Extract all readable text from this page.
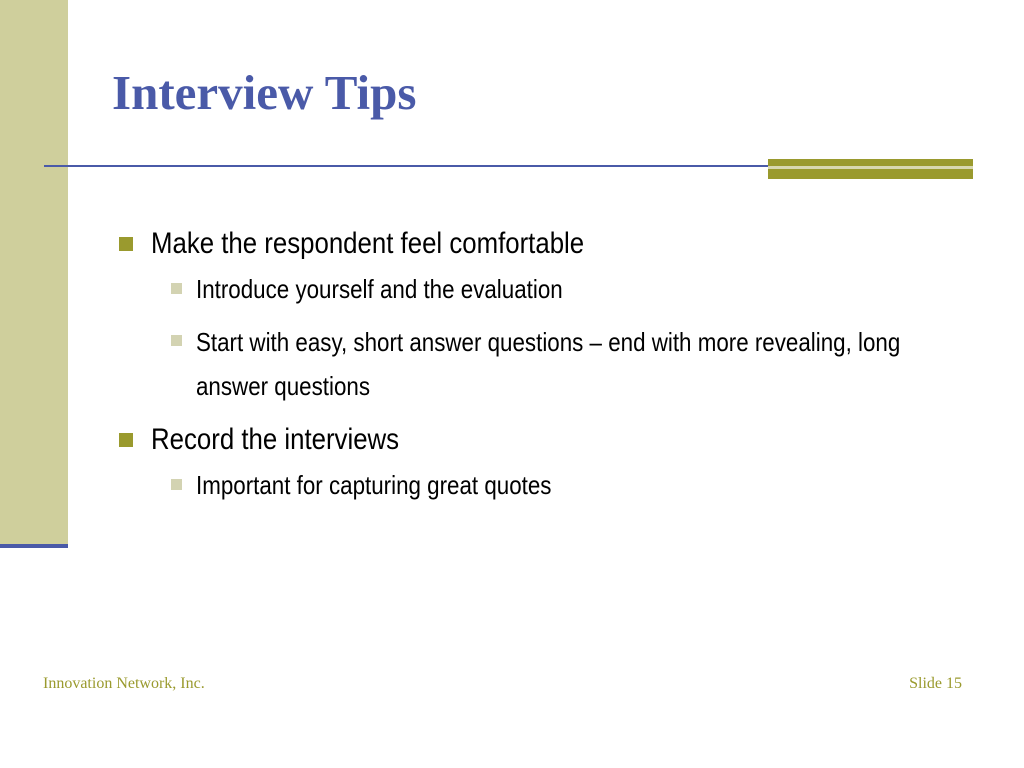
Interview Tips
Make the respondent feel comfortable
Introduce yourself and the evaluation
Start with easy, short answer questions – end with more revealing, long answer questions
Record the interviews
Important for capturing great quotes
Innovation Network, Inc.	Slide 15
